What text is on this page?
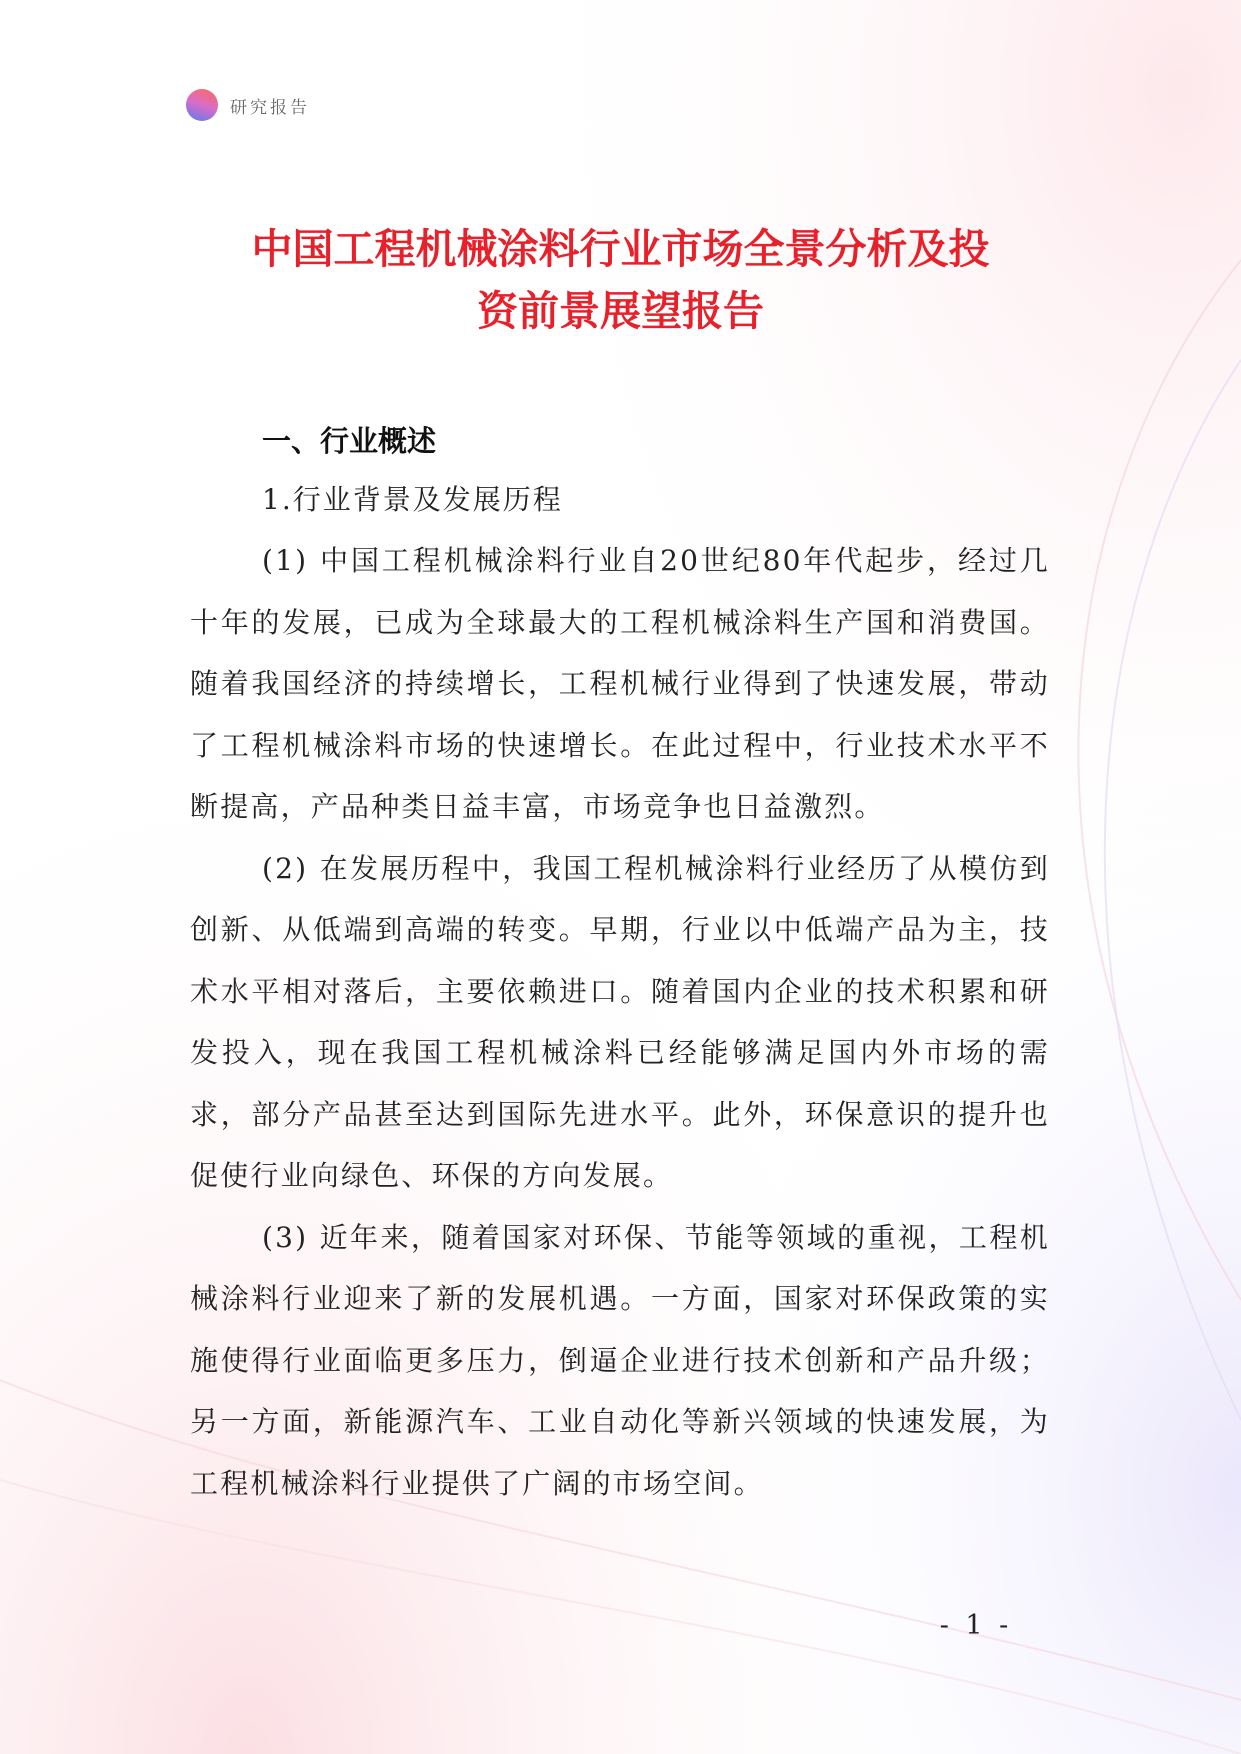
研究报告
中国工程机械涂料行业市场全景分析及投
资前景展望报告
一、行业概述
1.行业背景及发展历程

(1) 中国工程机械涂料行业自20世纪80年代起步，经过几十年的发展，已成为全球最大的工程机械涂料生产国和消费国。随着我国经济的持续增长，工程机械行业得到了快速发展，带动了工程机械涂料市场的快速增长。在此过程中，行业技术水平不断提高，产品种类日益丰富，市场竞争也日益激烈。

(2) 在发展历程中，我国工程机械涂料行业经历了从模仿到创新、从低端到高端的转变。早期，行业以中低端产品为主，技术水平相对落后，主要依赖进口。随着国内企业的技术积累和研发投入，现在我国工程机械涂料已经能够满足国内外市场的需求，部分产品甚至达到国际先进水平。此外，环保意识的提升也促使行业向绿色、环保的方向发展。

(3) 近年来，随着国家对环保、节能等领域的重视，工程机械涂料行业迎来了新的发展机遇。一方面，国家对环保政策的实施使得行业面临更多压力，倒逼企业进行技术创新和产品升级；另一方面，新能源汽车、工业自动化等新兴领域的快速发展，为工程机械涂料行业提供了广阔的市场空间。

- 1 -
